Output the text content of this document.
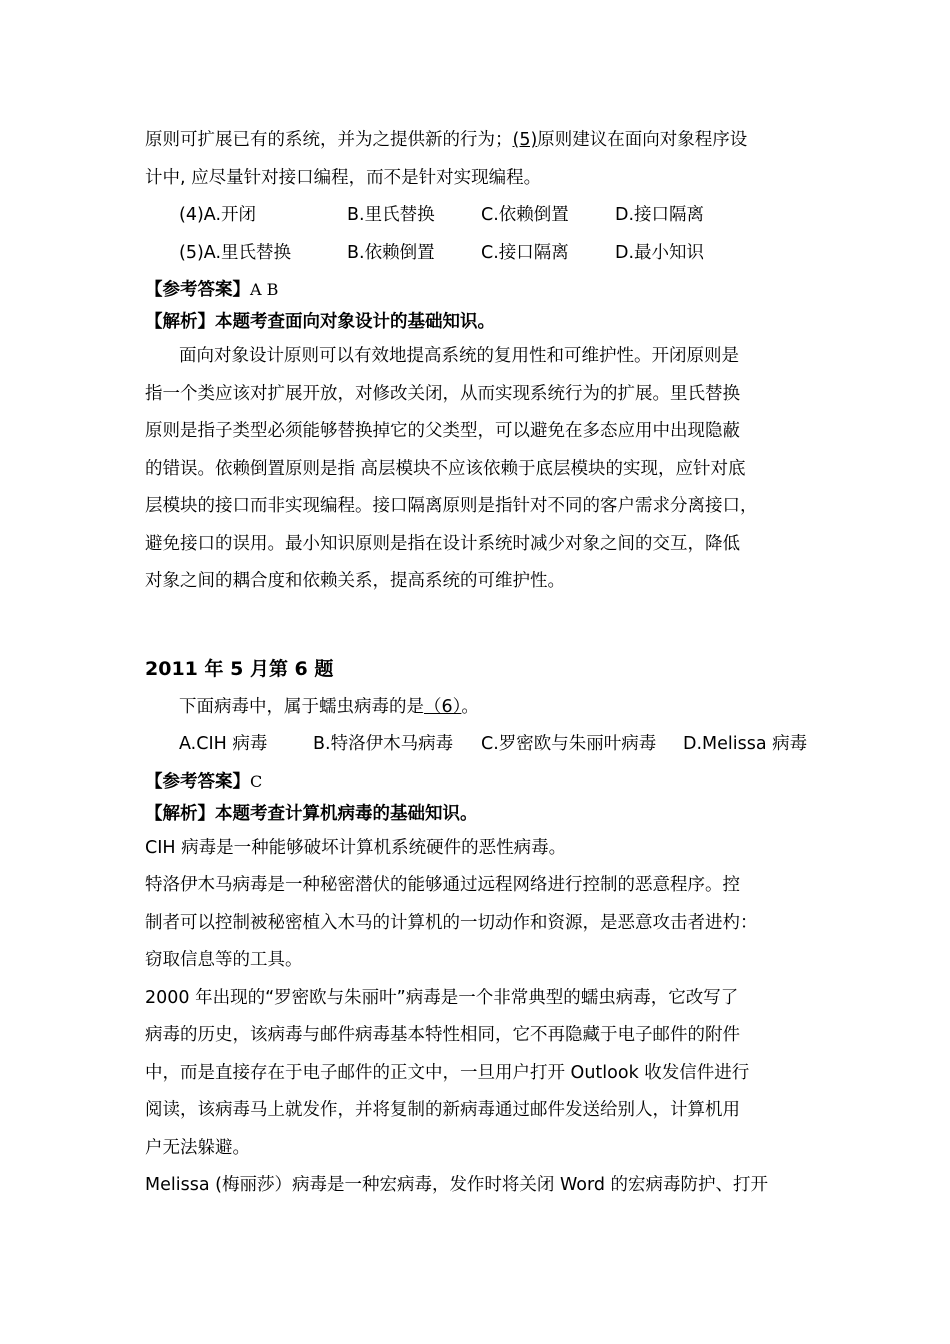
原则可扩展已有的系统，并为之提供新的行为；(5)原则建议在面向对象程序设
计中, 应尽量针对接口编程，而不是针对实现编程。
(4)A.开闭	B.里氏替换	C.依赖倒置	D.接口隔离
(5)A.里氏替换	B.依赖倒置	C.接口隔离	D.最小知识
【参考答案】A B
【解析】本题考查面向对象设计的基础知识。
面向对象设计原则可以有效地提高系统的复用性和可维护性。开闭原则是
指一个类应该对扩展开放，对修改关闭，从而实现系统行为的扩展。里氏替换
原则是指子类型必须能够替换掉它的父类型，可以避免在多态应用中出现隐蔽
的错误。依赖倒置原则是指 高层模块不应该依赖于底层模块的实现，应针对底
层模块的接口而非实现编程。接口隔离原则是指针对不同的客户需求分离接口，
避免接口的误用。最小知识原则是指在设计系统时减少对象之间的交互，降低
对象之间的耦合度和依赖关系，提高系统的可维护性。
2011 年 5 月第 6 题
下面病毒中，属于蠕虫病毒的是（6）。
A.CIH 病毒	B.特洛伊木马病毒	C.罗密欧与朱丽叶病毒	D.Melissa 病毒
【参考答案】C
【解析】本题考查计算机病毒的基础知识。
CIH 病毒是一种能够破坏计算机系统硬件的恶性病毒。
特洛伊木马病毒是一种秘密潜伏的能够通过远程网络进行控制的恶意程序。控
制者可以控制被秘密植入木马的计算机的一切动作和资源，是恶意攻击者进杓：
窃取信息等的工具。
2000 年出现的“罗密欧与朱丽叶”病毒是一个非常典型的蠕虫病毒，它改写了
病毒的历史，该病毒与邮件病毒基本特性相同，它不再隐藏于电子邮件的附件
中，而是直接存在于电子邮件的正文中，一旦用户打开 Outlook 收发信件进行
阅读，该病毒马上就发作，并将复制的新病毒通过邮件发送给别人，计算机用
户无法躲避。
Melissa (梅丽莎）病毒是一种宏病毒，发作时将关闭 Word 的宏病毒防护、打开
